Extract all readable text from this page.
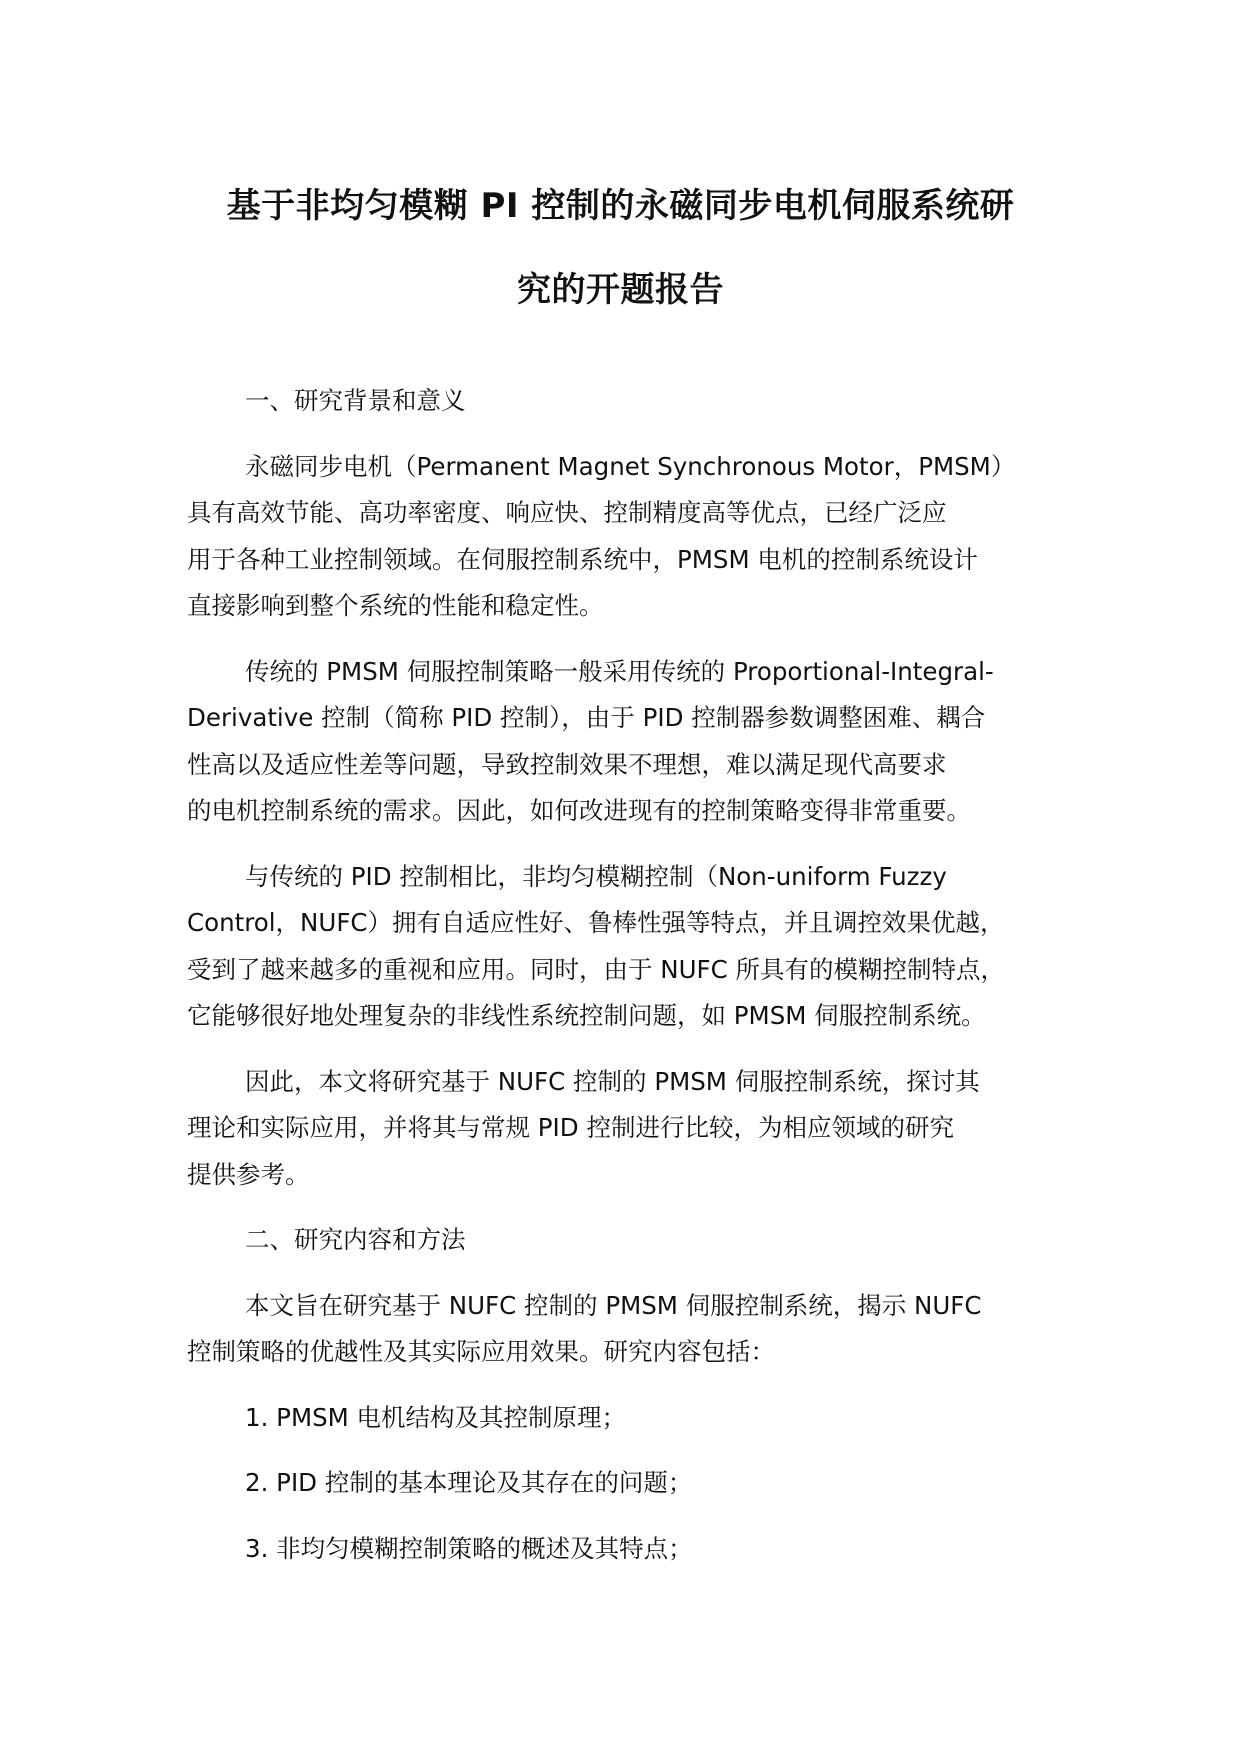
基于非均匀模糊 PI 控制的永磁同步电机伺服系统研
究的开题报告
一、研究背景和意义
永磁同步电机（Permanent Magnet Synchronous Motor，PMSM）
具有高效节能、高功率密度、响应快、控制精度高等优点，已经广泛应
用于各种工业控制领域。在伺服控制系统中，PMSM 电机的控制系统设计
直接影响到整个系统的性能和稳定性。
传统的 PMSM 伺服控制策略一般采用传统的 Proportional-Integral-
Derivative 控制（简称 PID 控制），由于 PID 控制器参数调整困难、耦合
性高以及适应性差等问题，导致控制效果不理想，难以满足现代高要求
的电机控制系统的需求。因此，如何改进现有的控制策略变得非常重要。
与传统的 PID 控制相比，非均匀模糊控制（Non-uniform Fuzzy
Control，NUFC）拥有自适应性好、鲁棒性强等特点，并且调控效果优越，
受到了越来越多的重视和应用。同时，由于 NUFC 所具有的模糊控制特点，
它能够很好地处理复杂的非线性系统控制问题，如 PMSM 伺服控制系统。
因此，本文将研究基于 NUFC 控制的 PMSM 伺服控制系统，探讨其
理论和实际应用，并将其与常规 PID 控制进行比较，为相应领域的研究
提供参考。
二、研究内容和方法
本文旨在研究基于 NUFC 控制的 PMSM 伺服控制系统，揭示 NUFC
控制策略的优越性及其实际应用效果。研究内容包括：
1. PMSM 电机结构及其控制原理；
2. PID 控制的基本理论及其存在的问题；
3. 非均匀模糊控制策略的概述及其特点；
